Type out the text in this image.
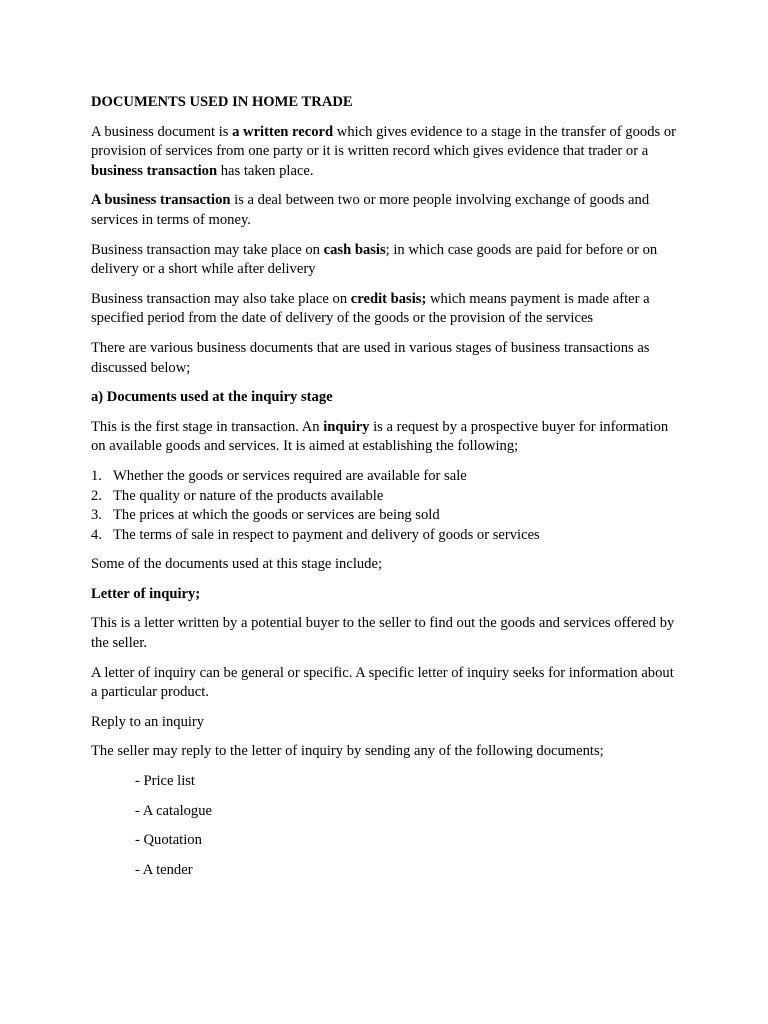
DOCUMENTS USED IN HOME TRADE

A business document is a written record which gives evidence to a stage in the transfer of goods or provision of services from one party or it is written record which gives evidence that trader or a business transaction has taken place.

A business transaction is a deal between two or more people involving exchange of goods and services in terms of money.

Business transaction may take place on cash basis; in which case goods are paid for before or on delivery or a short while after delivery

Business transaction may also take place on credit basis; which means payment is made after a specified period from the date of delivery of the goods or the provision of the services

There are various business documents that are used in various stages of business transactions as discussed below;

a) Documents used at the inquiry stage

This is the first stage in transaction. An inquiry is a request by a prospective buyer for information on available goods and services. It is aimed at establishing the following;

1. Whether the goods or services required are available for sale
2. The quality or nature of the products available
3. The prices at which the goods or services are being sold
4. The terms of sale in respect to payment and delivery of goods or services

Some of the documents used at this stage include;

Letter of inquiry;

This is a letter written by a potential buyer to the seller to find out the goods and services offered by the seller.

A letter of inquiry can be general or specific. A specific letter of inquiry seeks for information about a particular product.

Reply to an inquiry

The seller may reply to the letter of inquiry by sending any of the following documents;

- Price list
- A catalogue
- Quotation
- A tender
